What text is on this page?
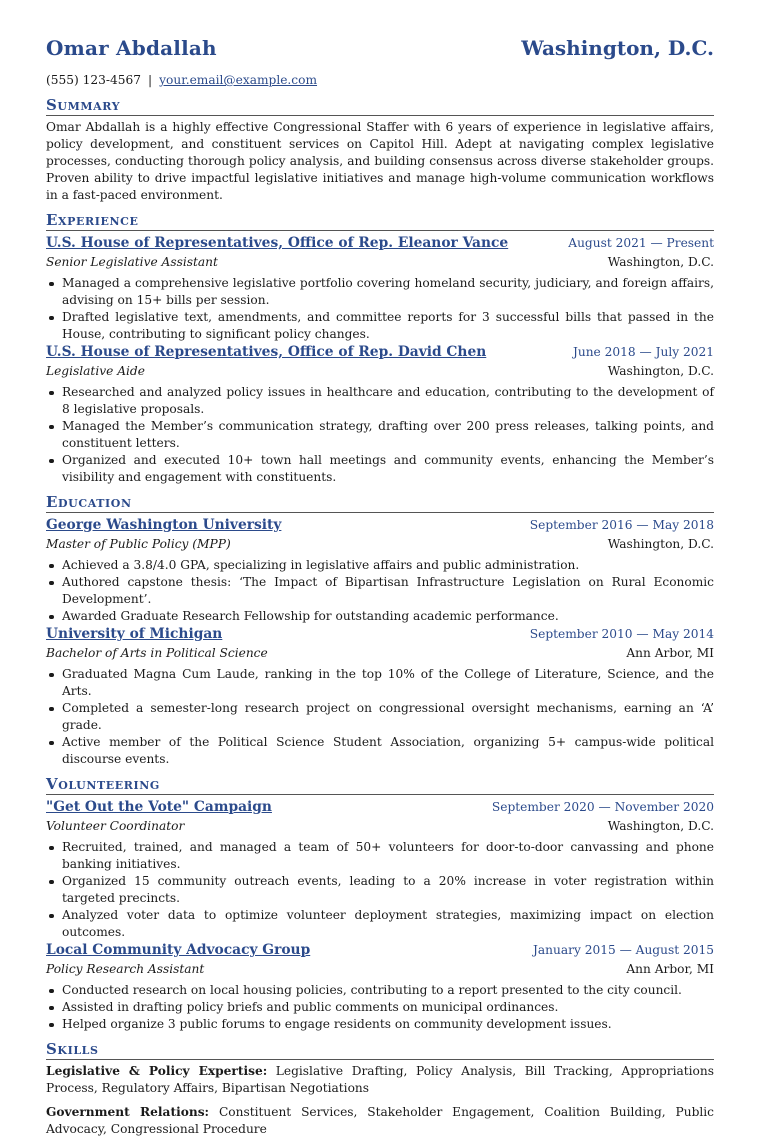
Omar Abdallah	Washington, D.C.
(555) 123-4567 | your.email@example.com
Summary

Omar Abdallah is a highly effective Congressional Staffer with 6 years of experience in legislative affairs, policy development, and constituent services on Capitol Hill. Adept at navigating complex legislative processes, conducting thorough policy analysis, and building consensus across diverse stakeholder groups. Proven ability to drive impactful legislative initiatives and manage high-volume communication workflows in a fast-paced environment.

Experience
U.S. House of Representatives, Office of Rep. Eleanor Vance	August 2021 — Present
Senior Legislative Assistant	Washington, D.C.
Managed a comprehensive legislative portfolio covering homeland security, judiciary, and foreign affairs, advising on 15+ bills per session.
Drafted legislative text, amendments, and committee reports for 3 successful bills that passed in the House, contributing to significant policy changes.
U.S. House of Representatives, Office of Rep. David Chen	June 2018 — July 2021
Legislative Aide	Washington, D.C.
Researched and analyzed policy issues in healthcare and education, contributing to the development of 8 legislative proposals.
Managed the Member’s communication strategy, drafting over 200 press releases, talking points, and constituent letters.
Organized and executed 10+ town hall meetings and community events, enhancing the Member’s visibility and engagement with constituents.
Education
George Washington University	September 2016 — May 2018
Master of Public Policy (MPP)	Washington, D.C.
Achieved a 3.8/4.0 GPA, specializing in legislative affairs and public administration.
Authored capstone thesis: ‘The Impact of Bipartisan Infrastructure Legislation on Rural Economic Development’.
Awarded Graduate Research Fellowship for outstanding academic performance.
University of Michigan	September 2010 — May 2014
Bachelor of Arts in Political Science	Ann Arbor, MI
Graduated Magna Cum Laude, ranking in the top 10% of the College of Literature, Science, and the Arts.
Completed a semester-long research project on congressional oversight mechanisms, earning an ‘A’ grade.
Active member of the Political Science Student Association, organizing 5+ campus-wide political discourse events.
Volunteering
"Get Out the Vote" Campaign	September 2020 — November 2020
Volunteer Coordinator	Washington, D.C.
Recruited, trained, and managed a team of 50+ volunteers for door-to-door canvassing and phone banking initiatives.
Organized 15 community outreach events, leading to a 20% increase in voter registration within targeted precincts.
Analyzed voter data to optimize volunteer deployment strategies, maximizing impact on election outcomes.
Local Community Advocacy Group	January 2015 — August 2015
Policy Research Assistant	Ann Arbor, MI
Conducted research on local housing policies, contributing to a report presented to the city council.
Assisted in drafting policy briefs and public comments on municipal ordinances.
Helped organize 3 public forums to engage residents on community development issues.
Skills

Legislative & Policy Expertise: Legislative Drafting, Policy Analysis, Bill Tracking, Appropriations Process, Regulatory Affairs, Bipartisan Negotiations

Government Relations: Constituent Services, Stakeholder Engagement, Coalition Building, Public Advocacy, Congressional Procedure
